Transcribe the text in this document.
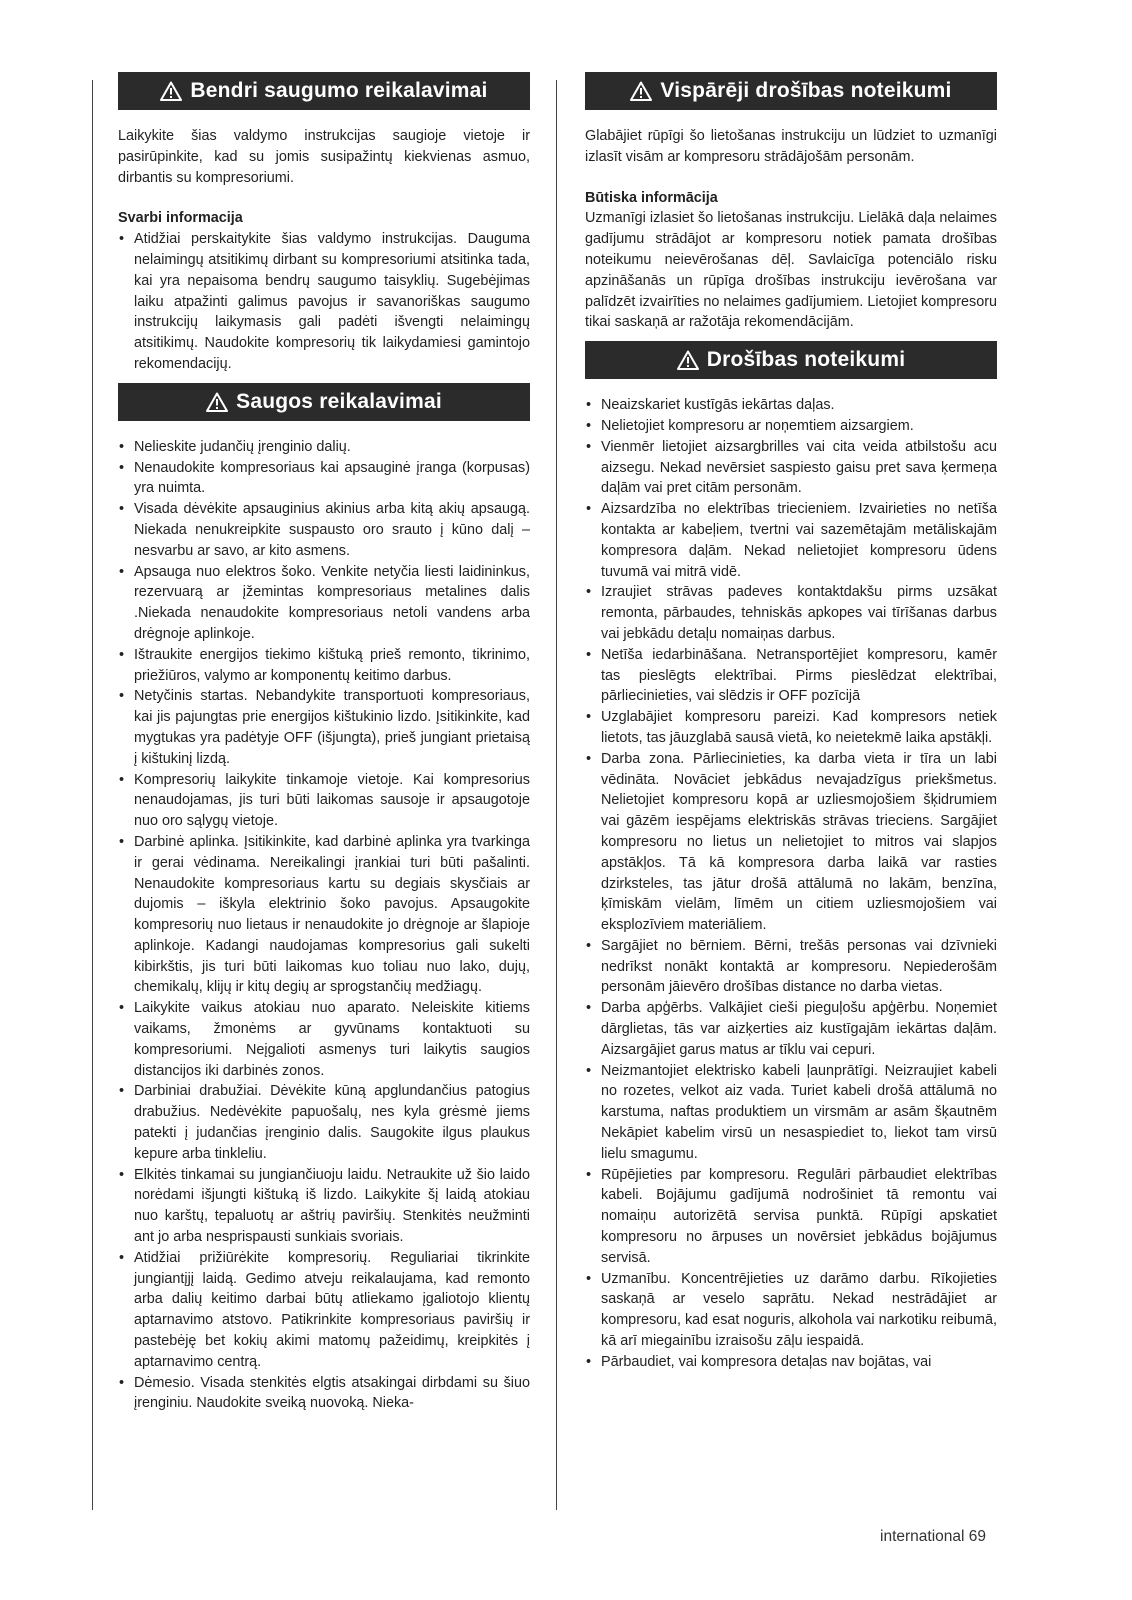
Bendri saugumo reikalavimai

Laikykite šias valdymo instrukcijas saugioje vietoje ir pasirūpinkite, kad su jomis susipažintų kiekvienas asmuo, dirbantis su kompresoriumi.

Svarbi informacija

• Atidžiai perskaitykite šias valdymo instrukcijas. Dauguma nelaimingų atsitikimų dirbant su kompresoriumi atsitinka tada, kai yra nepaisoma bendrų saugumo taisyklių. Sugebėjimas laiku atpažinti galimus pavojus ir savanoriškas saugumo instrukcijų laikymasis gali padėti išvengti nelaimingų atsitikimų. Naudokite kompresorių tik laikydamiesi gamintojo rekomendacijų.
Saugos reikalavimai
• Nelieskite judančių įrenginio dalių.
• Nenaudokite kompresoriaus kai apsauginė įranga (korpusas) yra nuimta.
• Visada dėvėkite apsauginius akinius arba kitą akių apsaugą. Niekada nenukreipkite suspausto oro srauto į kūno dalį – nesvarbu ar savo, ar kito asmens.
• Apsauga nuo elektros šoko. Venkite netyčia liesti laidininkus, rezervuarą ar įžemintas kompresoriaus metalines dalis .Niekada nenaudokite kompresoriaus netoli vandens arba drėgnoje aplinkoje.
• Ištraukite energijos tiekimo kištuką prieš remonto, tikrinimo, priežiūros, valymo ar komponentų keitimo darbus.
• Netyčinis startas. Nebandykite transportuoti kompresoriaus, kai jis pajungtas prie energijos kištukinio lizdo. Įsitikinkite, kad mygtukas yra padėtyje OFF (išjungta), prieš jungiant prietaisą į kištukinį lizdą.
• Kompresorių laikykite tinkamoje vietoje. Kai kompresorius nenaudojamas, jis turi būti laikomas sausoje ir apsaugotoje nuo oro sąlygų vietoje.
• Darbinė aplinka. Įsitikinkite, kad darbinė aplinka yra tvarkinga ir gerai vėdinama. Nereikalingi įrankiai turi būti pašalinti. Nenaudokite kompresoriaus kartu su degiais skysčiais ar dujomis – iškyla elektrinio šoko pavojus. Apsaugokite kompresorių nuo lietaus ir nenaudokite jo drėgnoje ar šlapioje aplinkoje. Kadangi naudojamas kompresorius gali sukelti kibirkštis, jis turi būti laikomas kuo toliau nuo lako, dujų, chemikalų, klijų ir kitų degių ar sprogstančių medžiagų.
• Laikykite vaikus atokiau nuo aparato. Neleiskite kitiems vaikams, žmonėms ar gyvūnams kontaktuoti su kompresoriumi. Neįgalioti asmenys turi laikytis saugios distancijos iki darbinės zonos.
• Darbiniai drabužiai. Dėvėkite kūną apglundančius patogius drabužius. Nedėvėkite papuošalų, nes kyla grėsmė jiems patekti į judančias įrenginio dalis. Saugokite ilgus plaukus kepure arba tinkleliu.
• Elkitės tinkamai su jungiančiuoju laidu. Netraukite už šio laido norėdami išjungti kištuką iš lizdo. Laikykite šį laidą atokiau nuo karštų, tepaluotų ar aštrių paviršių. Stenkitės neužminti ant jo arba nesprispausti sunkiais svoriais.
• Atidžiai prižiūrėkite kompresorių. Reguliariai tikrinkite jungiantįjį laidą. Gedimo atveju reikalaujama, kad remonto arba dalių keitimo darbai būtų atliekamo įgaliotojo klientų aptarnavimo atstovo. Patikrinkite kompresoriaus paviršių ir pastebėję bet kokių akimi matomų pažeidimų, kreipkitės į aptarnavimo centrą.
• Dėmesio. Visada stenkitės elgtis atsakingai dirbdami su šiuo įrenginiu. Naudokite sveiką nuovoką. Nieka-
Vispārēji drošības noteikumi

Glabājiet rūpīgi šo lietošanas instrukciju un lūdziet to uzmanīgi izlasīt visām ar kompresoru strādājošām personām.

Būtiska informācija

Uzmanīgi izlasiet šo lietošanas instrukciju. Lielākā daļa nelaimes gadījumu strādājot ar kompresoru notiek pamata drošības noteikumu neievērošanas dēļ. Savlaicīga potenciālo risku apzināšanās un rūpīga drošības instrukciju ievērošana var palīdzēt izvairīties no nelaimes gadījumiem. Lietojiet kompresoru tikai saskaņā ar ražotāja rekomendācijām.

Drošības noteikumi
• Neaizskariet kustīgās iekārtas daļas.
• Nelietojiet kompresoru ar noņemtiem aizsargiem.
• Vienmēr lietojiet aizsargbrilles vai cita veida atbilstošu acu aizsegu. Nekad nevērsiet saspiesto gaisu pret sava ķermeņa daļām vai pret citām personām.
• Aizsardzība no elektrības triecieniem. Izvairieties no netīša kontakta ar kabeļiem, tvertni vai sazemētajām metāliskajām kompresora daļām. Nekad nelietojiet kompresoru ūdens tuvumā vai mitrā vidē.
• Izraujiet strāvas padeves kontaktdakšu pirms uzsākat remonta, pārbaudes, tehniskās apkopes vai tīrīšanas darbus vai jebkādu detaļu nomaiņas darbus.
• Netīša iedarbināšana. Netransportējiet kompresoru, kamēr tas pieslēgts elektrībai. Pirms pieslēdzat elektrībai, pārliecinieties, vai slēdzis ir OFF pozīcijā
• Uzglabājiet kompresoru pareizi. Kad kompresors netiek lietots, tas jāuzglabā sausā vietā, ko neietekmē laika apstākļi.
• Darba zona. Pārliecinieties, ka darba vieta ir tīra un labi vēdināta. Novāciet jebkādus nevajadzīgus priekšmetus. Nelietojiet kompresoru kopā ar uzliesmojošiem šķidrumiem vai gāzēm iespējams elektriskās strāvas trieciens. Sargājiet kompresoru no lietus un nelietojiet to mitros vai slapjos apstākļos. Tā kā kompresora darba laikā var rasties dzirksteles, tas jātur drošā attālumā no lakām, benzīna, ķīmiskām vielām, līmēm un citiem uzliesmojošiem vai eksplozīviem materiāliem.
• Sargājiet no bērniem. Bērni, trešās personas vai dzīvnieki nedrīkst nonākt kontaktā ar kompresoru. Nepiederošām personām jāievēro drošības distance no darba vietas.
• Darba apģērbs. Valkājiet cieši pieguļošu apģērbu. Noņemiet dārglietas, tās var aizķerties aiz kustīgajām iekārtas daļām. Aizsargājiet garus matus ar tīklu vai cepuri.
• Neizmantojiet elektrisko kabeli ļaunprātīgi. Neizraujiet kabeli no rozetes, velkot aiz vada. Turiet kabeli drošā attālumā no karstuma, naftas produktiem un virsmām ar asām šķautnēm Nekāpiet kabelim virsū un nesaspiediet to, liekot tam virsū lielu smagumu.
• Rūpējieties par kompresoru. Regulāri pārbaudiet elektrības kabeli. Bojājumu gadījumā nodrošiniet tā remontu vai nomaiņu autorizētā servisa punktā. Rūpīgi apskatiet kompresoru no ārpuses un novērsiet jebkādus bojājumus servisā.
• Uzmanību. Koncentrējieties uz darāmo darbu. Rīkojieties saskaņā ar veselo saprātu. Nekad nestrādājiet ar kompresoru, kad esat noguris, alkohola vai narkotiku reibumā, kā arī miegainību izraisošu zāļu iespaidā.
• Pārbaudiet, vai kompresora detaļas nav bojātas, vai
international 69
